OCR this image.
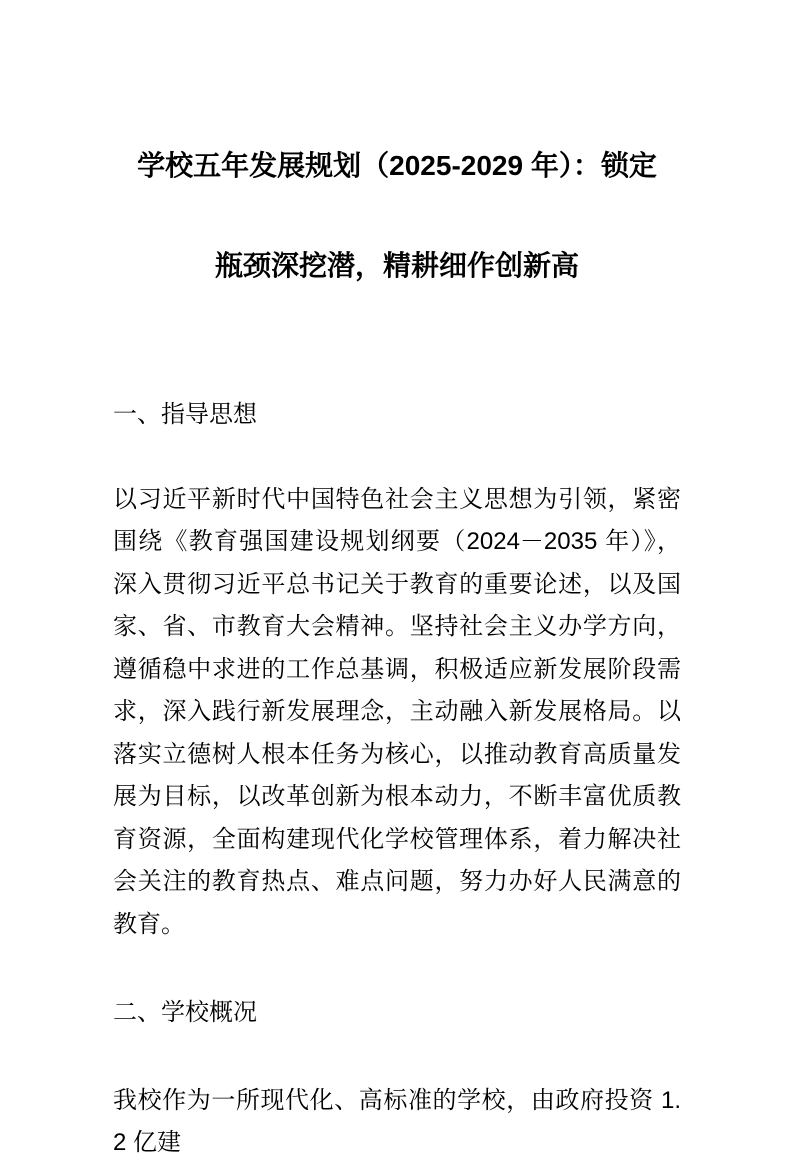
学校五年发展规划（2025-2029 年）：锁定
瓶颈深挖潜，精耕细作创新高
一、指导思想

以习近平新时代中国特色社会主义思想为引领，紧密围绕《教育强国建设规划纲要（2024－2035 年）》，深入贯彻习近平总书记关于教育的重要论述，以及国家、省、市教育大会精神。坚持社会主义办学方向，遵循稳中求进的工作总基调，积极适应新发展阶段需求，深入践行新发展理念，主动融入新发展格局。以落实立德树人根本任务为核心，以推动教育高质量发展为目标，以改革创新为根本动力，不断丰富优质教育资源，全面构建现代化学校管理体系，着力解决社会关注的教育热点、难点问题，努力办好人民满意的教育。

二、学校概况

我校作为一所现代化、高标准的学校，由政府投资 1.2 亿建
